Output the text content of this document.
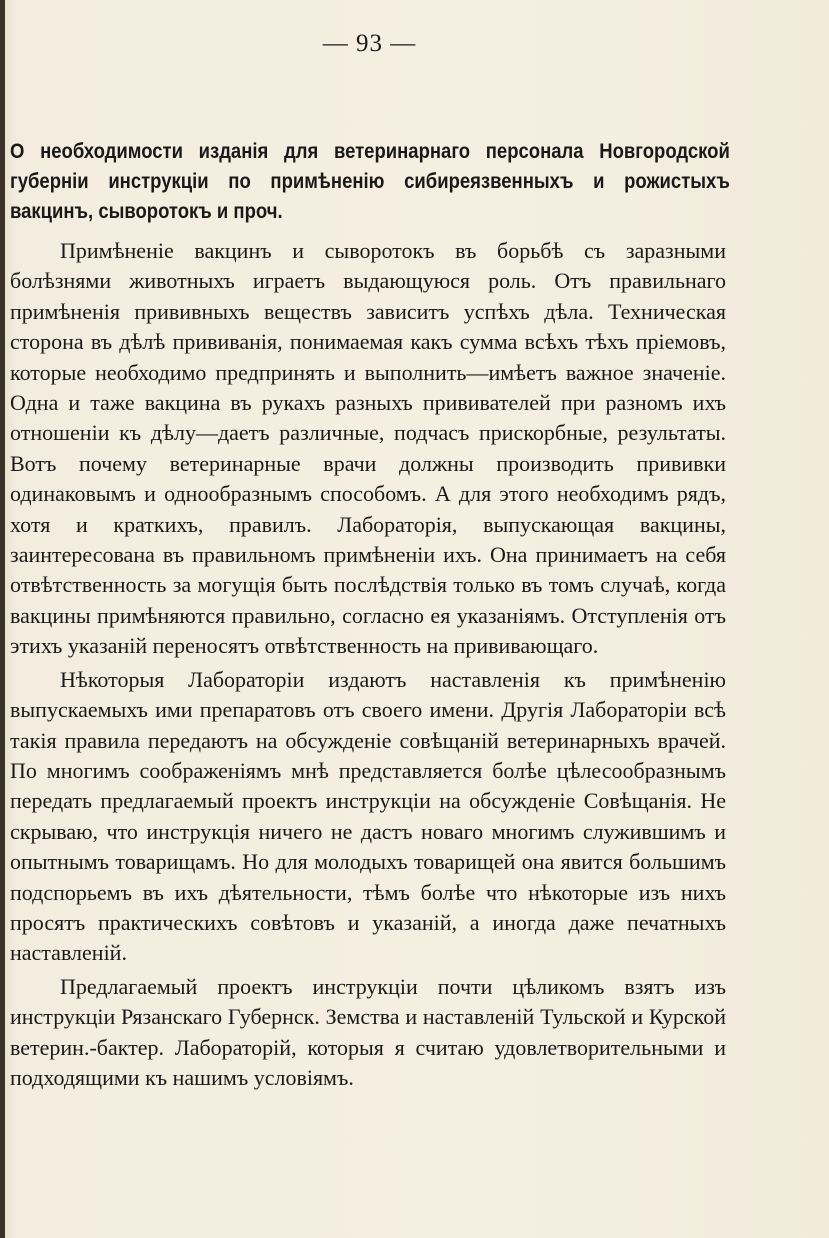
— 93 —
О необходимости изданія для ветеринарнаго персонала Новгородской губерніи инструкціи по примѣненію сибиреязвенныхъ и рожистыхъ вакцинъ, сыворотокъ и проч.

Примѣненіе вакцинъ и сыворотокъ въ борьбѣ съ заразными болѣзнями животныхъ играетъ выдающуюся роль. Отъ правильнаго примѣненія прививныхъ веществъ зависитъ успѣхъ дѣла. Техническая сторона въ дѣлѣ прививанія, понимаемая какъ сумма всѣхъ тѣхъ пріемовъ, которые необходимо предпринять и выполнить—имѣетъ важное значеніе. Одна и таже вакцина въ рукахъ разныхъ прививателей при разномъ ихъ отношеніи къ дѣлу—даетъ различные, подчасъ прискорбные, результаты. Вотъ почему ветеринарные врачи должны производить прививки одинаковымъ и однообразнымъ способомъ. А для этого необходимъ рядъ, хотя и краткихъ, правилъ. Лабораторія, выпускающая вакцины, заинтересована въ правильномъ примѣненіи ихъ. Она принимаетъ на себя отвѣтственность за могущія быть послѣдствія только въ томъ случаѣ, когда вакцины примѣняются правильно, согласно ея указаніямъ. Отступленія отъ этихъ указаній переносятъ отвѣтственность на прививающаго.

Нѣкоторыя Лабораторіи издаютъ наставленія къ примѣненію выпускаемыхъ ими препаратовъ отъ своего имени. Другія Лабораторіи всѣ такія правила передаютъ на обсужденіе совѣщаній ветеринарныхъ врачей. По многимъ соображеніямъ мнѣ представляется болѣе цѣлесообразнымъ передать предлагаемый проектъ инструкціи на обсужденіе Совѣщанія. Не скрываю, что инструкція ничего не дастъ новаго многимъ служившимъ и опытнымъ товарищамъ. Но для молодыхъ товарищей она явится большимъ подспорьемъ въ ихъ дѣятельности, тѣмъ болѣе что нѣкоторые изъ нихъ просятъ практическихъ совѣтовъ и указаній, а иногда даже печатныхъ наставленій.

Предлагаемый проектъ инструкціи почти цѣликомъ взятъ изъ инструкціи Рязанскаго Губернск. Земства и наставленій Тульской и Курской ветерин.-бактер. Лабораторій, которыя я считаю удовлетворительными и подходящими къ нашимъ условіямъ.
